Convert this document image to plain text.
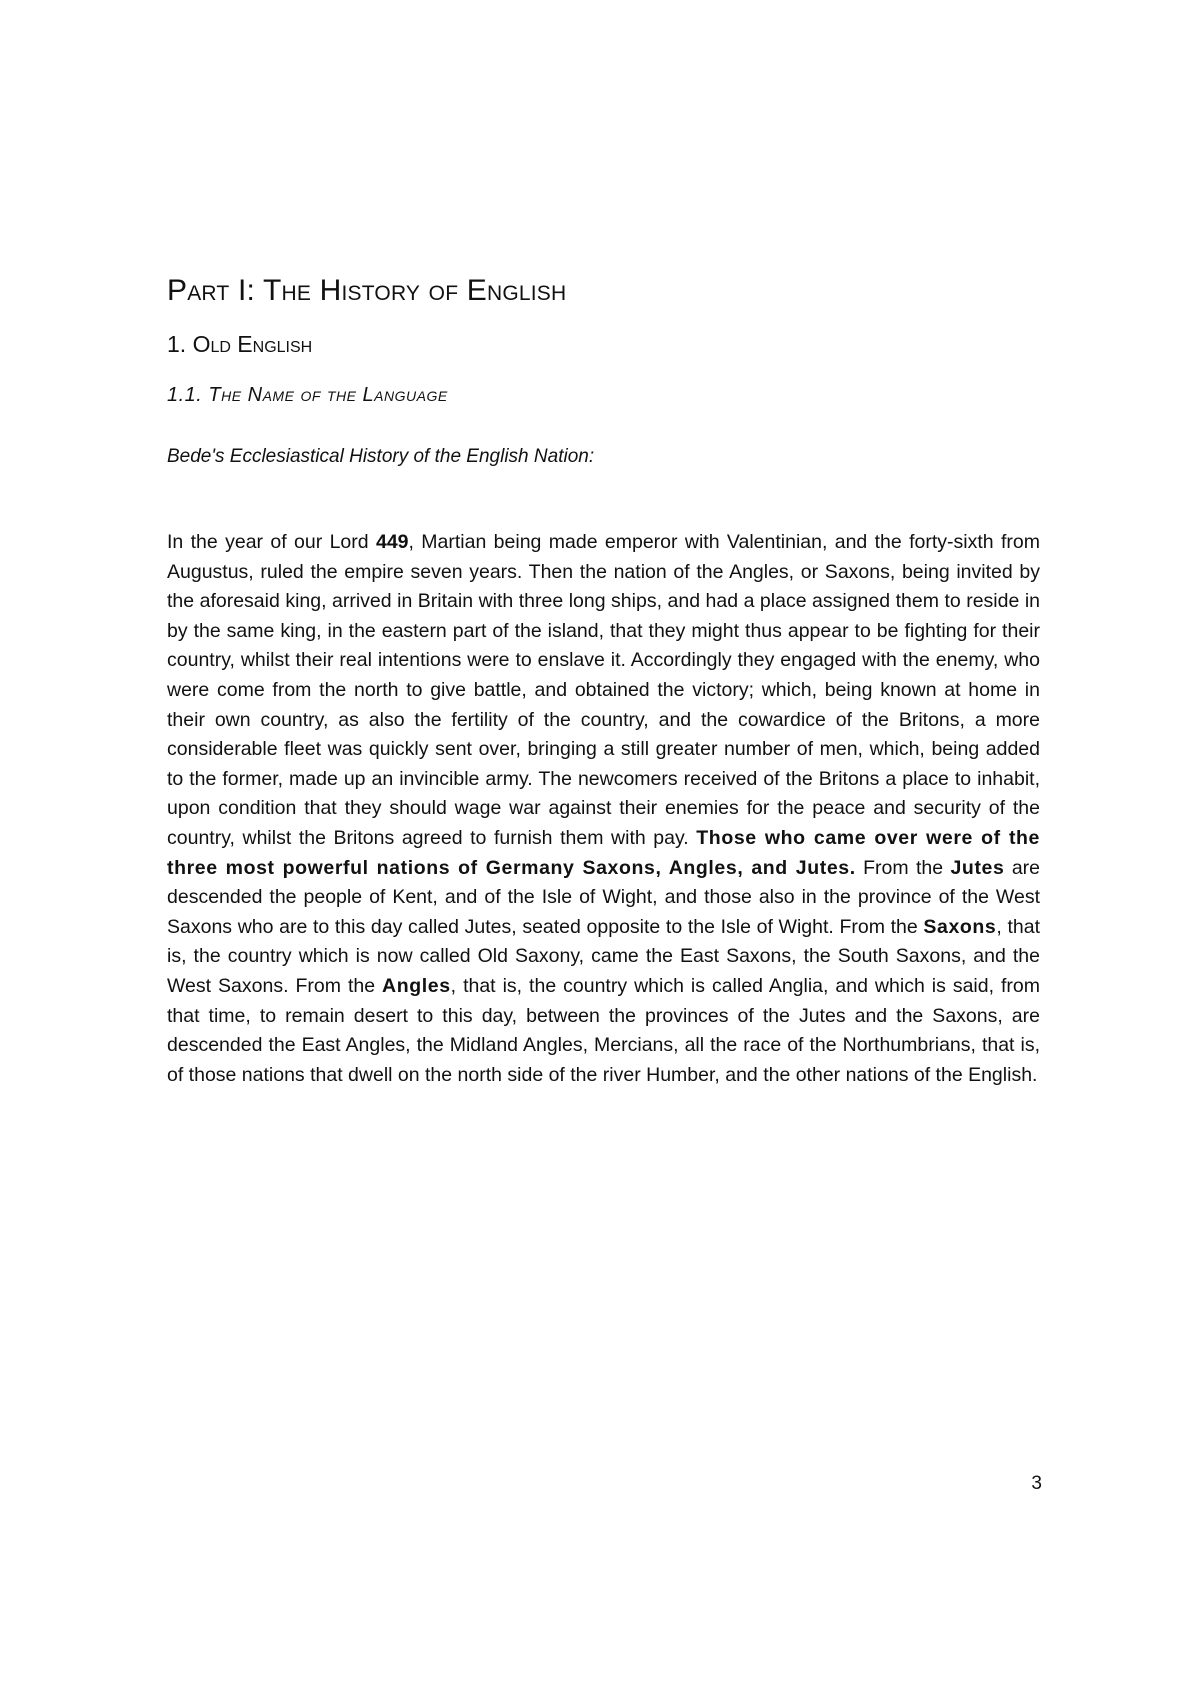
Part I: The History of English
1. Old English
1.1. The Name of the Language

Bede's Ecclesiastical History of the English Nation:

In the year of our Lord 449, Martian being made emperor with Valentinian, and the forty-sixth from Augustus, ruled the empire seven years. Then the nation of the Angles, or Saxons, being invited by the aforesaid king, arrived in Britain with three long ships, and had a place assigned them to reside in by the same king, in the eastern part of the island, that they might thus appear to be fighting for their country, whilst their real intentions were to enslave it. Accordingly they engaged with the enemy, who were come from the north to give battle, and obtained the victory; which, being known at home in their own country, as also the fertility of the country, and the cowardice of the Britons, a more considerable fleet was quickly sent over, bringing a still greater number of men, which, being added to the former, made up an invincible army. The newcomers received of the Britons a place to inhabit, upon condition that they should wage war against their enemies for the peace and security of the country, whilst the Britons agreed to furnish them with pay. Those who came over were of the three most powerful nations of Germany Saxons, Angles, and Jutes. From the Jutes are descended the people of Kent, and of the Isle of Wight, and those also in the province of the West Saxons who are to this day called Jutes, seated opposite to the Isle of Wight. From the Saxons, that is, the country which is now called Old Saxony, came the East Saxons, the South Saxons, and the West Saxons. From the Angles, that is, the country which is called Anglia, and which is said, from that time, to remain desert to this day, between the provinces of the Jutes and the Saxons, are descended the East Angles, the Midland Angles, Mercians, all the race of the Northumbrians, that is, of those nations that dwell on the north side of the river Humber, and the other nations of the English.

3
